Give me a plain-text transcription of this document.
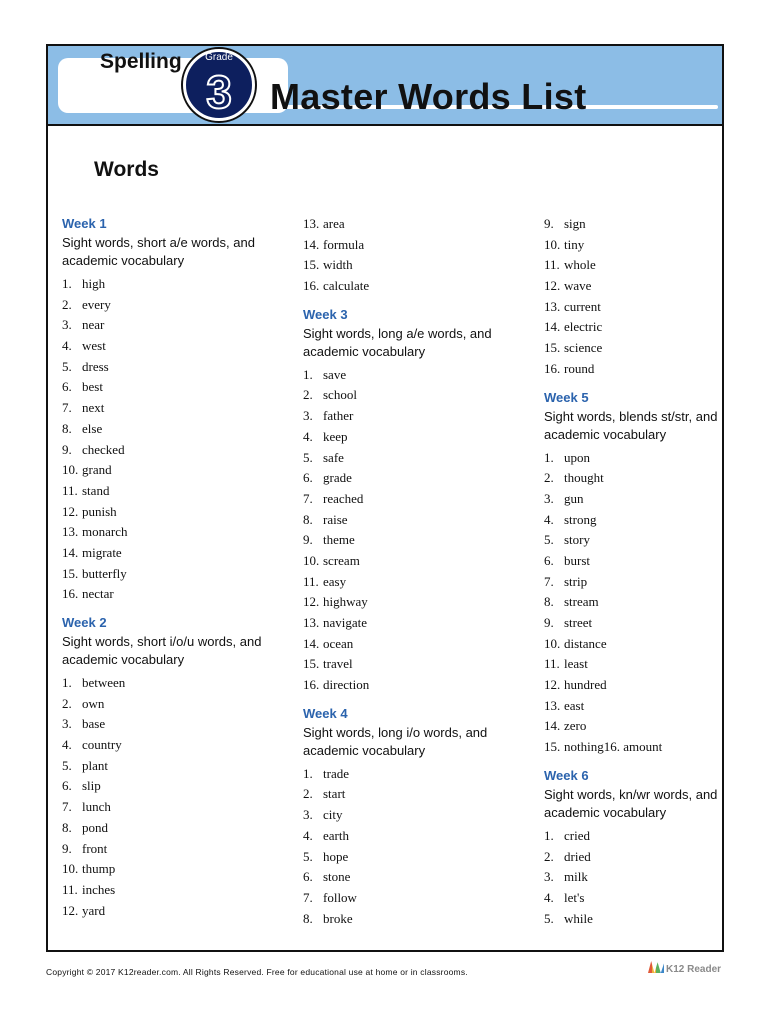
Spelling	Grade
3	Master Words List
Words
Week 1
Sight words, short a/e words, and academic vocabulary
1. high
2. every
3. near
4. west
5. dress
6. best
7. next
8. else
9. checked
10. grand
11. stand
12. punish
13. monarch
14. migrate
15. butterfly
16. nectar
Week 2
Sight words, short i/o/u words, and academic vocabulary
1. between
2. own
3. base
4. country
5. plant
6. slip
7. lunch
8. pond
9. front
10. thump
11. inches
12. yard
13. area
14. formula
15. width
16. calculate
Week 3
Sight words, long a/e words, and academic vocabulary
1. save
2. school
3. father
4. keep
5. safe
6. grade
7. reached
8. raise
9. theme
10. scream
11. easy
12. highway
13. navigate
14. ocean
15. travel
16. direction
Week 4
Sight words, long i/o words, and academic vocabulary
1. trade
2. start
3. city
4. earth
5. hope
6. stone
7. follow
8. broke
9. sign
10. tiny
11. whole
12. wave
13. current
14. electric
15. science
16. round
Week 5
Sight words, blends st/str, and academic vocabulary
1. upon
2. thought
3. gun
4. strong
5. story
6. burst
7. strip
8. stream
9. street
10. distance
11. least
12. hundred
13. east
14. zero
15. nothing16. amount
Week 6
Sight words, kn/wr words, and academic vocabulary
1. cried
2. dried
3. milk
4. let's
5. while
Copyright © 2017 K12reader.com. All Rights Reserved. Free for educational use at home or in classrooms.	K12 Reader
